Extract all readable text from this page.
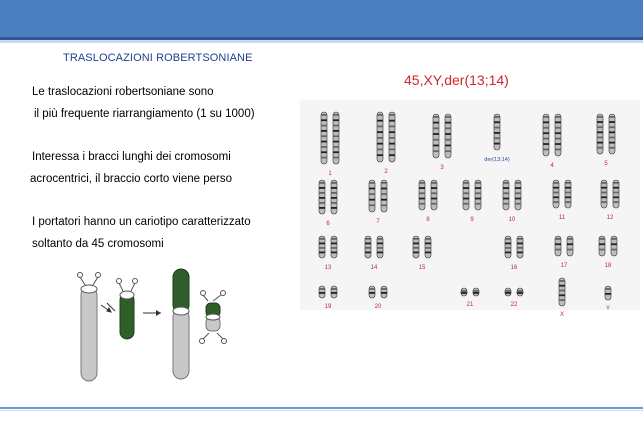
TRASLOCAZIONI ROBERTSONIANE
Le traslocazioni robertsoniane sono
il più frequente riarrangiamento (1 su 1000)
Interessa i bracci lunghi dei cromosomi
acrocentrici, il braccio corto viene perso
I portatori hanno un cariotipo caratterizzato
soltanto da 45 cromosomi
45,XY,der(13;14)
1	2
3
der(13;14)
4	5
6	7	8	9	10	11	12
13	14	15	16	17	18
19	20	21	22
X
Y
